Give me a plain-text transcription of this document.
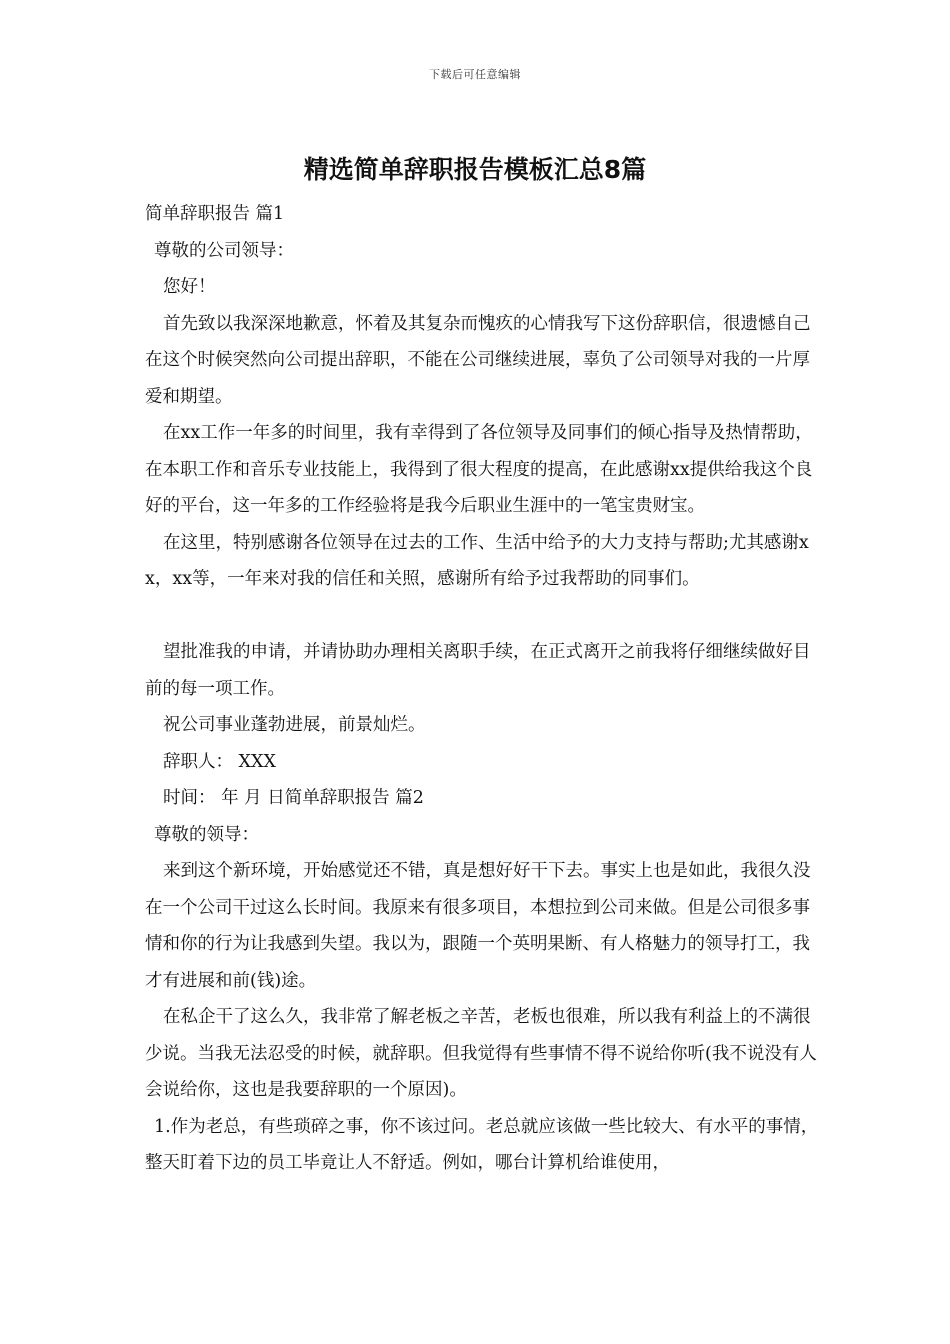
下载后可任意编辑
精选简单辞职报告模板汇总8篇

简单辞职报告 篇1

尊敬的公司领导：

您好！

首先致以我深深地歉意，怀着及其复杂而愧疚的心情我写下这份辞职信，很遗憾自己在这个时候突然向公司提出辞职，不能在公司继续进展，辜负了公司领导对我的一片厚爱和期望。

在xx工作一年多的时间里，我有幸得到了各位领导及同事们的倾心指导及热情帮助，在本职工作和音乐专业技能上，我得到了很大程度的提高，在此感谢xx提供给我这个良好的平台，这一年多的工作经验将是我今后职业生涯中的一笔宝贵财宝。

在这里，特别感谢各位领导在过去的工作、生活中给予的大力支持与帮助;尤其感谢xx，xx等，一年来对我的信任和关照，感谢所有给予过我帮助的同事们。

望批准我的申请，并请协助办理相关离职手续，在正式离开之前我将仔细继续做好目前的每一项工作。

祝公司事业蓬勃进展，前景灿烂。

辞职人： XXX

时间： 年 月 日简单辞职报告 篇2

尊敬的领导：

来到这个新环境，开始感觉还不错，真是想好好干下去。事实上也是如此，我很久没在一个公司干过这么长时间。我原来有很多项目，本想拉到公司来做。但是公司很多事情和你的行为让我感到失望。我以为，跟随一个英明果断、有人格魅力的领导打工，我才有进展和前(钱)途。

在私企干了这么久，我非常了解老板之辛苦，老板也很难，所以我有利益上的不满很少说。当我无法忍受的时候，就辞职。但我觉得有些事情不得不说给你听(我不说没有人会说给你，这也是我要辞职的一个原因)。

1.作为老总，有些琐碎之事，你不该过问。老总就应该做一些比较大、有水平的事情，整天盯着下边的员工毕竟让人不舒适。例如，哪台计算机给谁使用，
